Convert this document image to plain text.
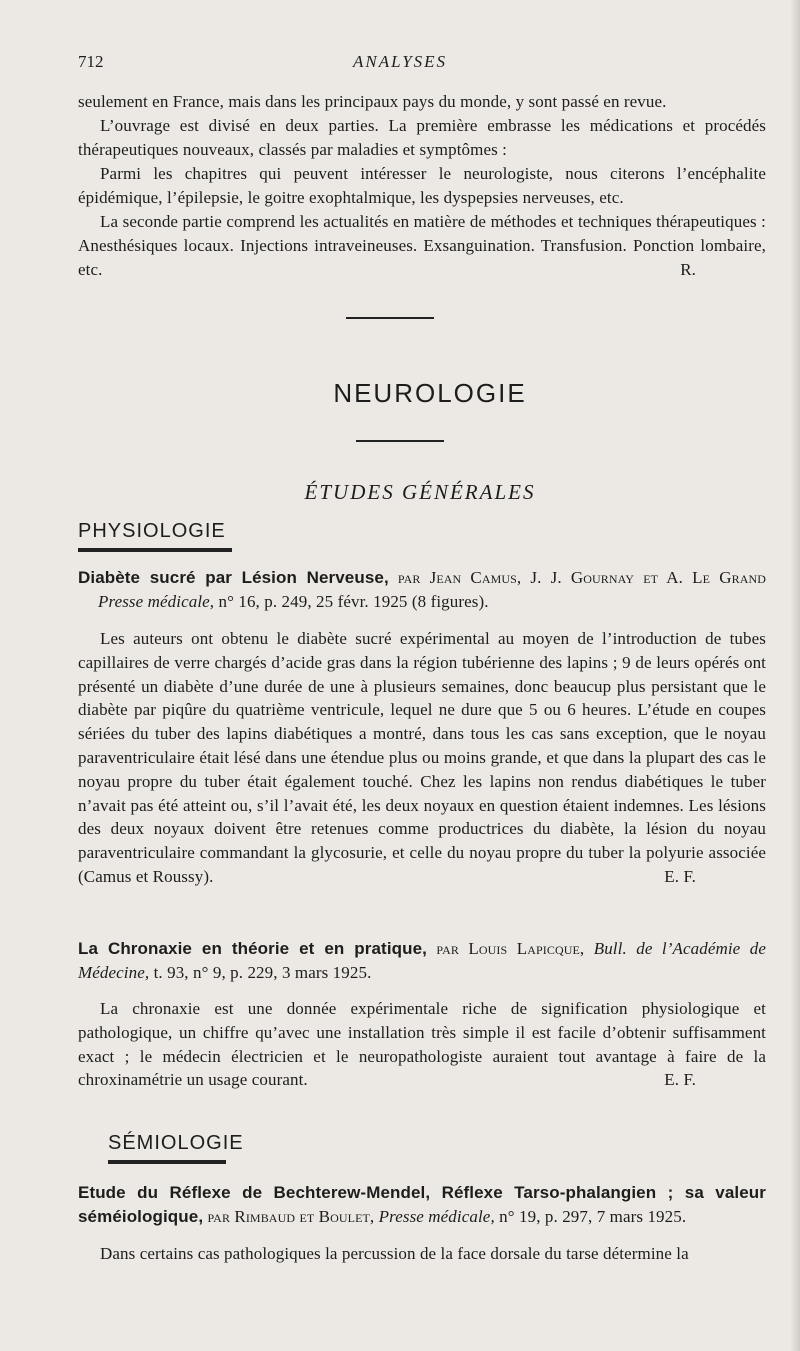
712	ANALYSES
seulement en France, mais dans les principaux pays du monde, y sont passé en revue.
L’ouvrage est divisé en deux parties. La première embrasse les médications et procédés thérapeutiques nouveaux, classés par maladies et symptômes :
Parmi les chapitres qui peuvent intéresser le neurologiste, nous citerons l’encéphalite épidémique, l’épilepsie, le goitre exophtalmique, les dyspepsies nerveuses, etc.
La seconde partie comprend les actualités en matière de méthodes et techniques thérapeutiques : Anesthésiques locaux. Injections intraveineuses. Exsanguination. Transfusion. Ponction lombaire, etc.	R.
NEUROLOGIE
ÉTUDES GÉNÉRALES
PHYSIOLOGIE
Diabète sucré par Lésion Nerveuse, par Jean Camus, J. J. Gournay et A. Le Grand Presse médicale, n° 16, p. 249, 25 févr. 1925 (8 figures).
Les auteurs ont obtenu le diabète sucré expérimental au moyen de l’introduction de tubes capillaires de verre chargés d’acide gras dans la région tubérienne des lapins ; 9 de leurs opérés ont présenté un diabète d’une durée de une à plusieurs semaines, donc beaucup plus persistant que le diabète par piqûre du quatrième ventricule, lequel ne dure que 5 ou 6 heures. L’étude en coupes sériées du tuber des lapins diabétiques a montré, dans tous les cas sans exception, que le noyau paraventriculaire était lésé dans une étendue plus ou moins grande, et que dans la plupart des cas le noyau propre du tuber était également touché. Chez les lapins non rendus diabétiques le tuber n’avait pas été atteint ou, s’il l’avait été, les deux noyaux en question étaient indemnes. Les lésions des deux noyaux doivent être retenues comme productrices du diabète, la lésion du noyau paraventriculaire commandant la glycosurie, et celle du noyau propre du tuber la polyurie associée (Camus et Roussy).	E. F.
La Chronaxie en théorie et en pratique, par Louis Lapicque, Bull. de l’Académie de Médecine, t. 93, n° 9, p. 229, 3 mars 1925.
La chronaxie est une donnée expérimentale riche de signification physiologique et pathologique, un chiffre qu’avec une installation très simple il est facile d’obtenir suffisamment exact ; le médecin électricien et le neuropathologiste auraient tout avantage à faire de la chroxinamétrie un usage courant.	E. F.
SÉMIOLOGIE
Etude du Réflexe de Bechterew-Mendel, Réflexe Tarso-phalangien ; sa valeur séméiologique, par Rimbaud et Boulet, Presse médicale, n° 19, p. 297, 7 mars 1925.
Dans certains cas pathologiques la percussion de la face dorsale du tarse détermine la
